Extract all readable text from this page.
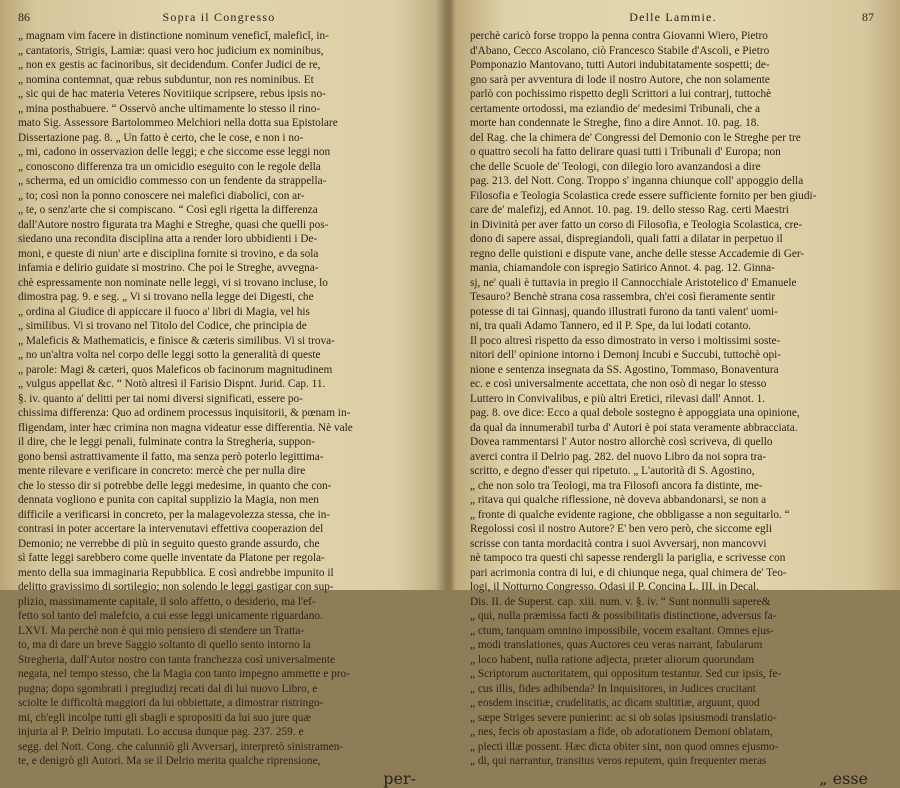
86	Sopra il Congresso
„ magnam vim facere in distinctione nominum veneficǐ, maleficǐ, in-
„ cantatoris, Strigis, Lamiæ: quasi vero hoc judicium ex nominibus,
„ non ex gestis ac facinoribus, sit decidendum. Confer Judici de re,
„ nomina contemnat, quæ rebus subduntur, non res nominibus. Et
„ sic qui de hac materia Veteres Novitiique scripsere, rebus ipsis no-
„ mina posthabuere. “ Osservò anche ultimamente lo stesso il rino-
mato Sig. Assessore Bartolommeo Melchiori nella dotta sua Epistolare
Dissertazione pag. 8. „ Un fatto è certo, che le cose, e non i no-
„ mi, cadono in osservazion delle leggi; e che siccome esse leggi non
„ conoscono differenza tra un omicidio eseguito con le regole della
„ scherma, ed un omicidio commesso con un fendente da strappella-
„ to; così non la ponno conoscere nei malefici diabolici, con ar-
„ te, o senz'arte che si compiscano. “ Così egli rigetta la differenza
dall'Autore nostro figurata tra Maghi e Streghe, quasi che quelli pos-
siedano una recondita disciplina atta a render loro ubbidienti i De-
moni, e queste di niun' arte e disciplina fornite si trovino, e da sola
infamia e delirio guidate si mostrino. Che poi le Streghe, avvegna-
chè espressamente non nominate nelle leggi, vi si trovano incluse, lo
dimostra pag. 9. e seg. „ Vi si trovano nella legge dei Digesti, che
„ ordina al Giudice di appiccare il fuoco a' libri di Magia, vel his
„ similibus. Vi si trovano nel Titolo del Codice, che principia de
„ Maleficis & Mathematicis, e finisce & cæteris similibus. Vi si trova-
„ no un'altra volta nel corpo delle leggi sotto la generalità di queste
„ parole: Magi & cæteri, quos Maleficos ob facinorum magnitudinem
„ vulgus appellat &c. “ Notò altresì il Farisio Dispnt. Jurid. Cap. 11.
§. iv. quanto a' delitti per tai nomi diversi significati, essere po-
chissima differenza: Quo ad ordinem processus inquisitorii, & pœnam in-
fligendam, inter hæc crimina non magna videatur esse differentia. Nè vale
il dire, che le leggi penali, fulminate contra la Stregheria, suppon-
gono bensì astrattivamente il fatto, ma senza però poterlo legittima-
mente rilevare e verificare in concreto: mercè che per nulla dire
che lo stesso dir si potrebbe delle leggi medesime, in quanto che con-
dennata vogliono e punita con capital supplizio la Magia, non men
difficile a verificarsi in concreto, per la malagevolezza stessa, che in-
contrasi in poter accertare la intervenutavi effettiva cooperazion del
Demonio; ne verrebbe di più in seguito questo grande assurdo, che
sì fatte leggi sarebbero come quelle inventate da Platone per regola-
mento della sua immaginaria Repubblica. E così andrebbe impunito il
delitto gravissimo di sortilegio; non solendo le leggi gastigar con sup-
plizio, massimamente capitale, il solo affetto, o desiderio, ma l'ef-
fetto sol tanto del malefcio, a cui esse leggi unicamente riguardano.
LXVI. Ma perchè non è qui mio pensiero di stendere un Tratta-
to, ma di dare un breve Saggio soltanto di quello sento intorno la
Stregheria, dall'Autor nostro con tanta franchezza così universalmente
negata, nel tempo stesso, che la Magia con tanto impegno ammette e pro-
pugna; dopo sgombrati i pregiudizj recati dal di lui nuovo Libro, e
sciolte le difficoltà maggiori da lui obbiettate, a dimostrar ristringo-
mi, ch'egli incolpe tutti gli sbagli e spropositi da lui suo jure quæ
injuria al P. Delrio imputati. Lo accusa dunque pag. 237. 259. e
segg. del Nott. Cong. che calunniò gli Avversarj, interpretò sinistramen-
te, e denigrò gli Autori. Ma se il Delrio merita qualche riprensione,
per-
Delle Lammie.	87
perchè caricò forse troppo la penna contra Giovanni Wiero, Pietro
d'Abano, Cecco Ascolano, ciò Francesco Stabile d'Ascoli, e Pietro
Pomponazio Mantovano, tutti Autori indubitatamente sospetti; de-
gno sarà per avventura di lode il nostro Autore, che non solamente
parlò con pochissimo rispetto degli Scrittori a lui contrarj, tuttochè
certamente ortodossi, ma eziandio de' medesimi Tribunali, che a
morte han condennate le Streghe, fino a dire Annot. 10. pag. 18.
del Rag. che la chimera de' Congressi del Demonio con le Streghe per tre
o quattro secoli ha fatto delirare quasi tutti i Tribunali d' Europa; non
che delle Scuole de' Teologi, con dilegio loro avanzandosi a dire
pag. 213. del Nott. Cong. Troppo s' inganna chiunque coll' appoggio della
Filosofia e Teologia Scolastica crede essere sufficiente fornito per ben giudi-
care de' malefizj, ed Annot. 10. pag. 19. dello stesso Rag. certi Maestri
in Divinità per aver fatto un corso di Filosofia, e Teologia Scolastica, cre-
dono di sapere assai, dispregiandoli, quali fatti a dilatar in perpetuo il
regno delle quistioni e dispute vane, anche delle stesse Accademie di Ger-
mania, chiamandole con ispregio Satirico Annot. 4. pag. 12. Ginna-
sj, ne' quali è tuttavia in pregio il Cannocchiale Aristotelico d' Emanuele
Tesauro? Benchè strana cosa rassembra, ch'ei così fieramente sentir
potesse di tai Ginnasj, quando illustrati furono da tanti valent' uomi-
ni, tra quali Adamo Tannero, ed il P. Spe, da lui lodati cotanto.
Il poco altresì rispetto da esso dimostrato in verso i moltissimi soste-
nitori dell' opinione intorno i Demonj Incubi e Succubi, tuttochè opi-
nione e sentenza insegnata da SS. Agostino, Tommaso, Bonaventura
ec. e così universalmente accettata, che non osò di negar lo stesso
Luttero in Convivalibus, e più altri Eretici, rilevasi dall' Annot. 1.
pag. 8. ove dice: Ecco a qual debole sostegno è appoggiata una opinione,
da qual da innumerabil turba d' Autori è poi stata veramente abbracciata.
Dovea rammentarsi l' Autor nostro allorchè così scriveva, di quello
averci contra il Delrio pag. 282. del nuovo Libro da noi sopra tra-
scritto, e degno d'esser qui ripetuto. „ L'autorità di S. Agostino,
„ che non solo tra Teologi, ma tra Filosofi ancora fa distinte, me-
„ ritava qui qualche riflessione, nè doveva abbandonarsi, se non a
„ fronte di qualche evidente ragione, che obbligasse a non seguitarlo. “
Regolossi così il nostro Autore? E' ben vero però, che siccome egli
scrisse con tanta mordacità contra i suoi Avversarj, non mancovvi
nè tampoco tra questi chi sapesse rendergli la pariglia, e scrivesse con
pari acrimonia contra di lui, e di chiunque nega, qual chimera de' Teo-
logi, il Notturno Congresso. Odasi il P. Concina L. III. in Decal.
Dis. II. de Superst. cap. xiii. num. v. §. iv. “ Sunt nonnulli sapere&
„ qui, nulla præmissa facti & possibilitatis distinctione, adversus fa-
„ ctum, tanquam omnino impossibile, vocem exaltant. Omnes ejus-
„ modi translationes, quas Auctores ceu veras narrant, fabularum
„ loco habent, nulla ratione adjecta, præter aliorum quorundam
„ Scriptorum auctoritatem, qui oppositum testantur. Sed cur ipsis, fe-
„ cus illis, fides adhibenda? In Inquisitores, in Judices crucitant
„ eosdem inscitiæ, crudelitatis, ac dicam stultitiæ, arguunt, quod
„ sæpe Striges severe punierint: ac si ob solas ipsiusmodi translatio-
„ nes, fecis ob apostasiam a fide, ob adorationem Demoni oblatam,
„ plectì illæ possent. Hæc dicta obiter sint, non quod omnes ejusmo-
„ di, qui narrantur, transitus veros reputem, quin frequenter meras
„ esse
